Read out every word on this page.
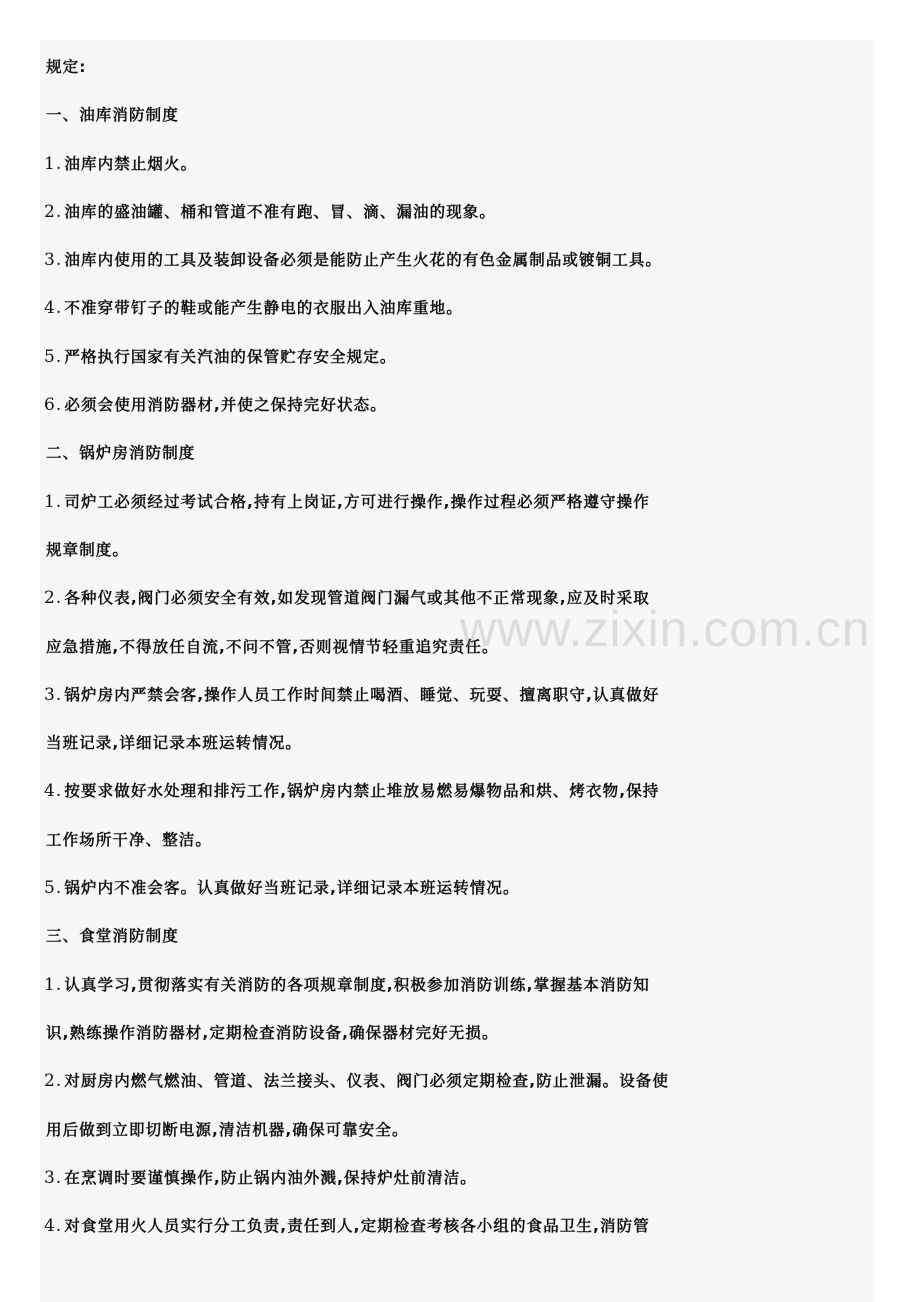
规定:
一、油库消防制度
1. 油库内禁止烟火。
2. 油库的盛油罐、桶和管道不准有跑、冒、滴、漏油的现象。
3. 油库内使用的工具及装卸设备必须是能防止产生火花的有色金属制品或镀铜工具。
4. 不准穿带钉子的鞋或能产生静电的衣服出入油库重地。
5. 严格执行国家有关汽油的保管贮存安全规定。
6. 必须会使用消防器材,并使之保持完好状态。
二、锅炉房消防制度
1. 司炉工必须经过考试合格,持有上岗证,方可进行操作,操作过程必须严格遵守操作
规章制度。
2. 各种仪表,阀门必须安全有效,如发现管道阀门漏气或其他不正常现象,应及时采取
应急措施,不得放任自流,不问不管,否则视情节轻重追究责任。
3. 锅炉房内严禁会客,操作人员工作时间禁止喝酒、睡觉、玩耍、擅离职守,认真做好
当班记录,详细记录本班运转情况。
4. 按要求做好水处理和排污工作,锅炉房内禁止堆放易燃易爆物品和烘、烤衣物,保持
工作场所干净、整洁。
5. 锅炉内不准会客。认真做好当班记录,详细记录本班运转情况。
三、食堂消防制度
1. 认真学习,贯彻落实有关消防的各项规章制度,积极参加消防训练,掌握基本消防知
识,熟练操作消防器材,定期检查消防设备,确保器材完好无损。
2. 对厨房内燃气燃油、管道、法兰接头、仪表、阀门必须定期检查,防止泄漏。设备使
用后做到立即切断电源,清洁机器,确保可靠安全。
3. 在烹调时要谨慎操作,防止锅内油外溅,保持炉灶前清洁。
4. 对食堂用火人员实行分工负责,责任到人,定期检查考核各小组的食品卫生,消防管
www.zixin.com.cn
